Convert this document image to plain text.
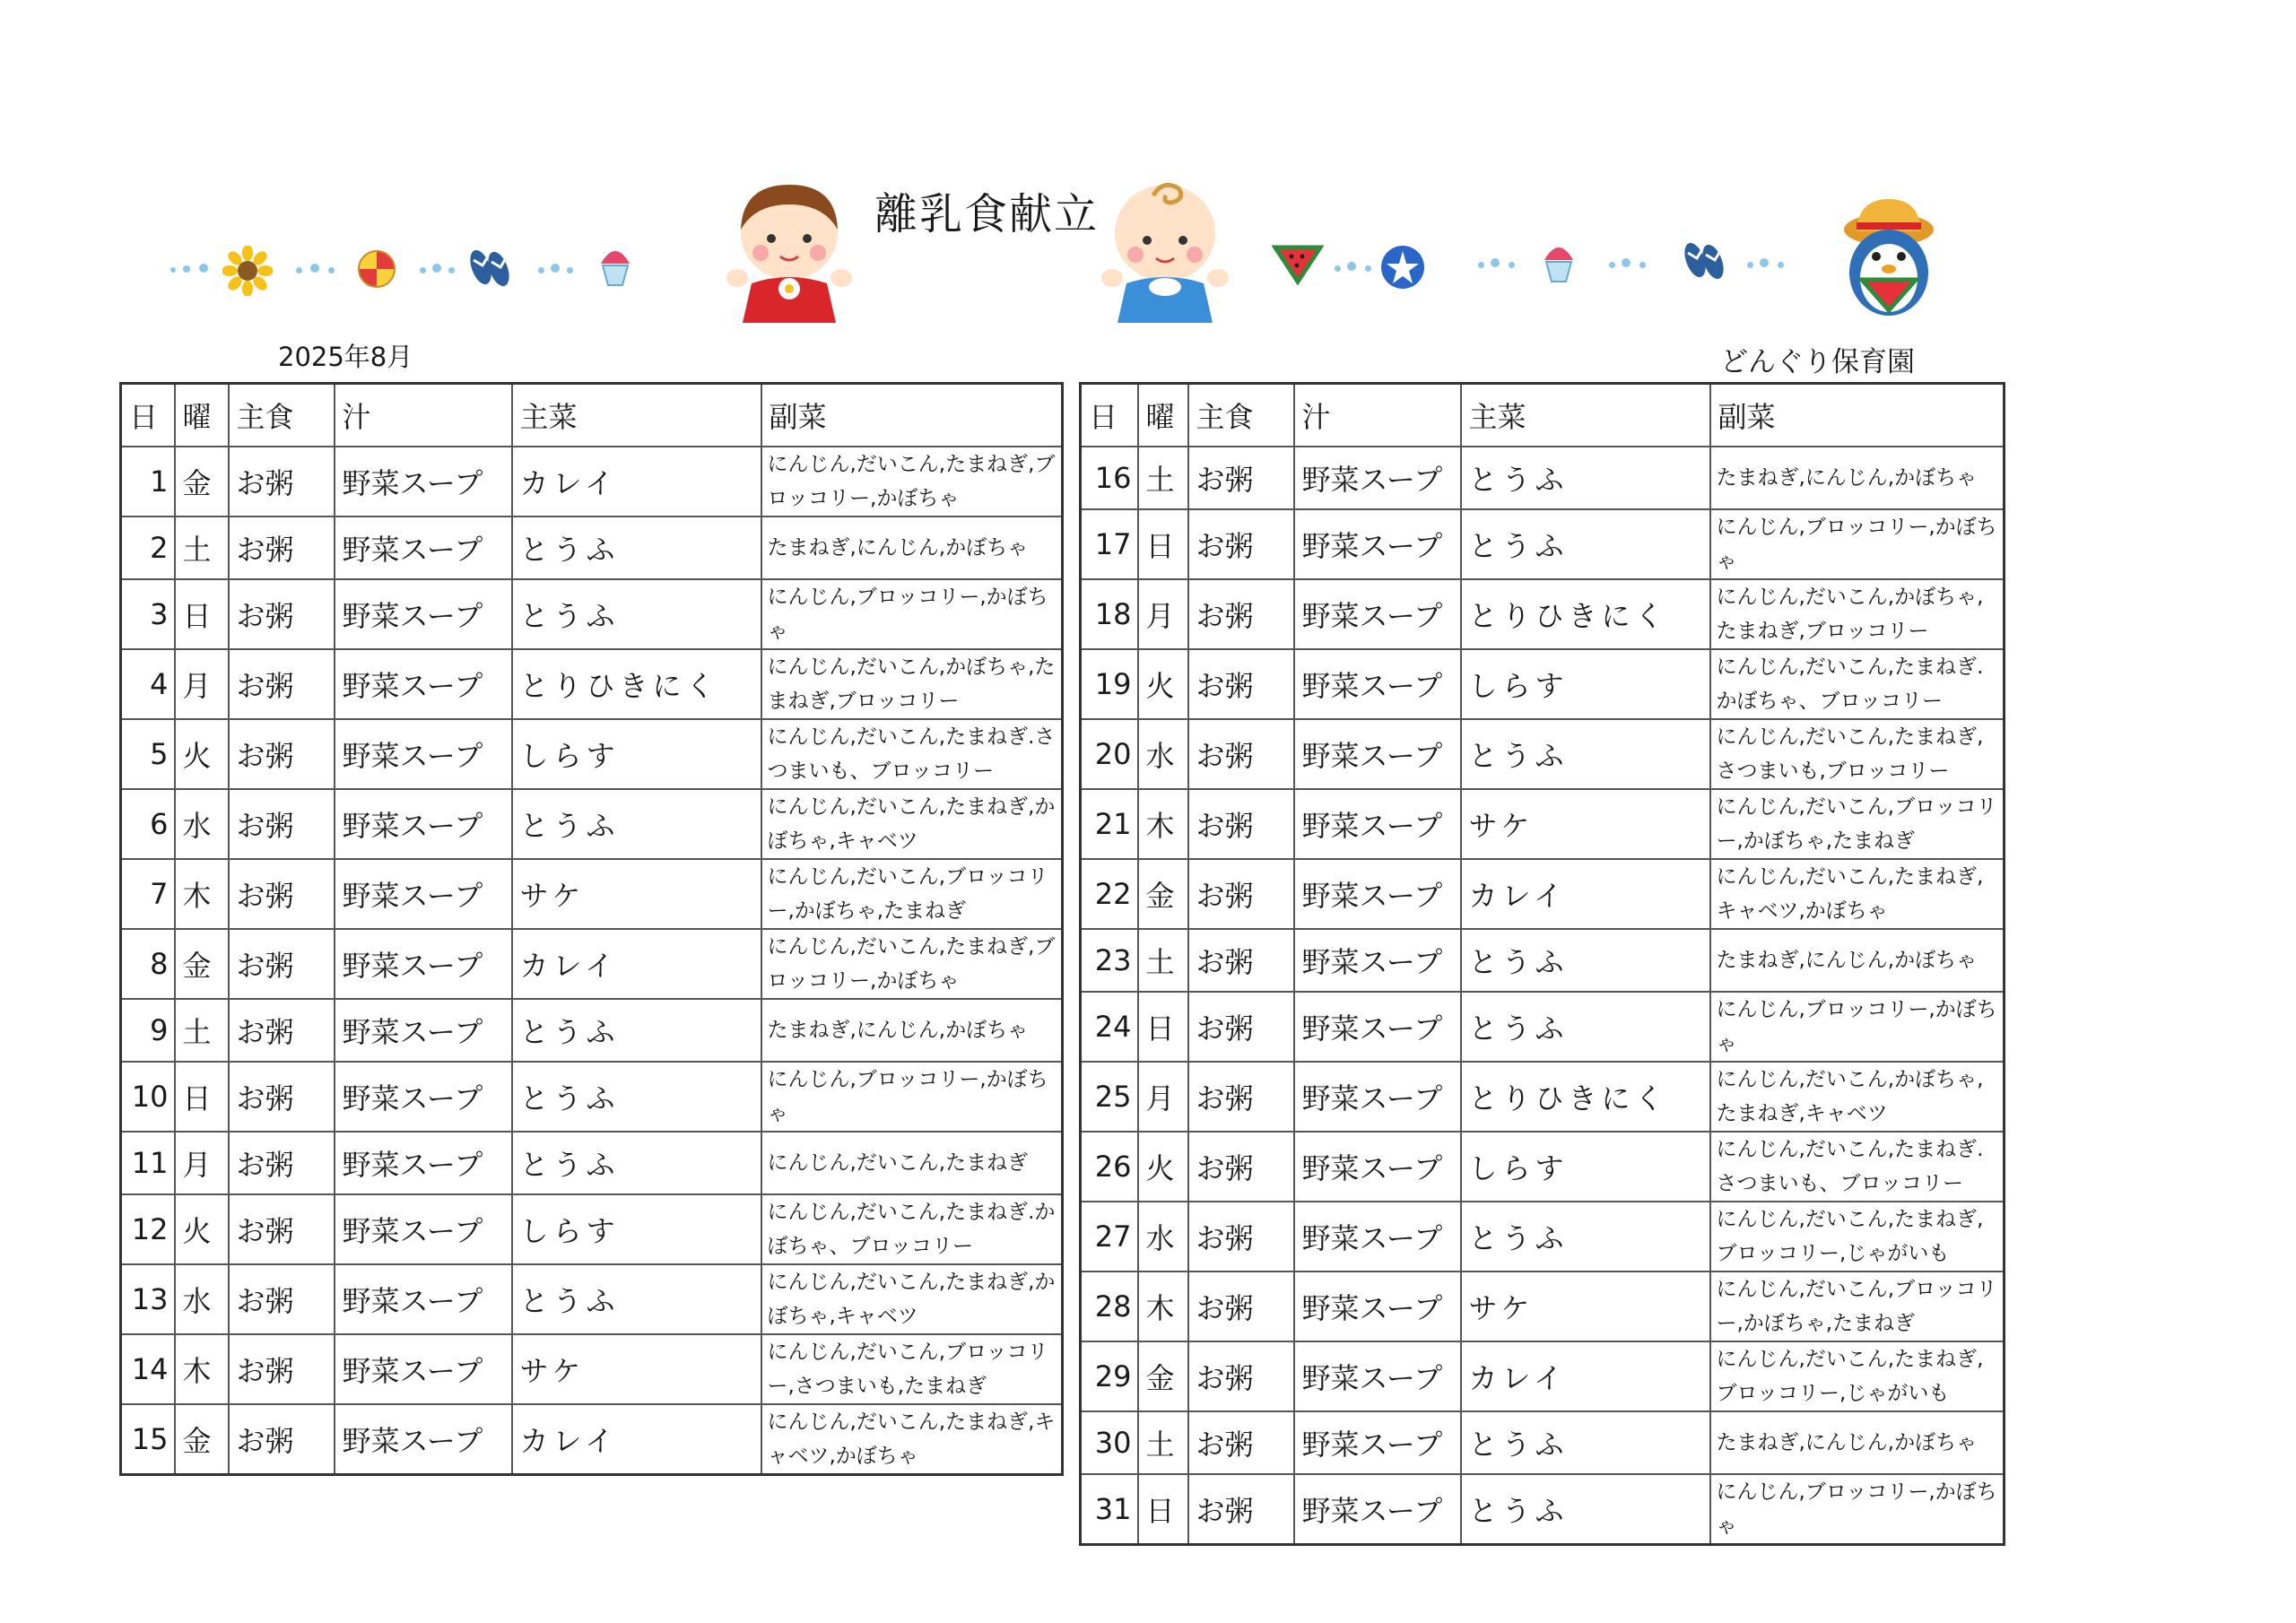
離乳食献立
2025年8月	どんぐり保育園
日	曜	主食	汁	主菜	副菜
1	金	お粥	野菜スープ	カレイ	にんじん,だいこん,たまねぎ,ブロッコリー,かぼちゃ
2	土	お粥	野菜スープ	とうふ	たまねぎ,にんじん,かぼちゃ
3	日	お粥	野菜スープ	とうふ	にんじん,ブロッコリー,かぼちゃ
4	月	お粥	野菜スープ	とりひきにく	にんじん,だいこん,かぼちゃ,たまねぎ,ブロッコリー
5	火	お粥	野菜スープ	しらす	にんじん,だいこん,たまねぎ.さつまいも、ブロッコリー
6	水	お粥	野菜スープ	とうふ	にんじん,だいこん,たまねぎ,かぼちゃ,キャベツ
7	木	お粥	野菜スープ	サケ	にんじん,だいこん,ブロッコリー,かぼちゃ,たまねぎ
8	金	お粥	野菜スープ	カレイ	にんじん,だいこん,たまねぎ,ブロッコリー,かぼちゃ
9	土	お粥	野菜スープ	とうふ	たまねぎ,にんじん,かぼちゃ
10	日	お粥	野菜スープ	とうふ	にんじん,ブロッコリー,かぼちゃ
11	月	お粥	野菜スープ	とうふ	にんじん,だいこん,たまねぎ
12	火	お粥	野菜スープ	しらす	にんじん,だいこん,たまねぎ.かぼちゃ、ブロッコリー
13	水	お粥	野菜スープ	とうふ	にんじん,だいこん,たまねぎ,かぼちゃ,キャベツ
14	木	お粥	野菜スープ	サケ	にんじん,だいこん,ブロッコリー,さつまいも,たまねぎ
15	金	お粥	野菜スープ	カレイ	にんじん,だいこん,たまねぎ,キャベツ,かぼちゃ
日	曜	主食	汁	主菜	副菜
16	土	お粥	野菜スープ	とうふ	たまねぎ,にんじん,かぼちゃ
17	日	お粥	野菜スープ	とうふ	にんじん,ブロッコリー,かぼちゃ
18	月	お粥	野菜スープ	とりひきにく	にんじん,だいこん,かぼちゃ,たまねぎ,ブロッコリー
19	火	お粥	野菜スープ	しらす	にんじん,だいこん,たまねぎ.かぼちゃ、ブロッコリー
20	水	お粥	野菜スープ	とうふ	にんじん,だいこん,たまねぎ,さつまいも,ブロッコリー
21	木	お粥	野菜スープ	サケ	にんじん,だいこん,ブロッコリー,かぼちゃ,たまねぎ
22	金	お粥	野菜スープ	カレイ	にんじん,だいこん,たまねぎ,キャベツ,かぼちゃ
23	土	お粥	野菜スープ	とうふ	たまねぎ,にんじん,かぼちゃ
24	日	お粥	野菜スープ	とうふ	にんじん,ブロッコリー,かぼちゃ
25	月	お粥	野菜スープ	とりひきにく	にんじん,だいこん,かぼちゃ,たまねぎ,キャベツ
26	火	お粥	野菜スープ	しらす	にんじん,だいこん,たまねぎ.さつまいも、ブロッコリー
27	水	お粥	野菜スープ	とうふ	にんじん,だいこん,たまねぎ,ブロッコリー,じゃがいも
28	木	お粥	野菜スープ	サケ	にんじん,だいこん,ブロッコリー,かぼちゃ,たまねぎ
29	金	お粥	野菜スープ	カレイ	にんじん,だいこん,たまねぎ,ブロッコリー,じゃがいも
30	土	お粥	野菜スープ	とうふ	たまねぎ,にんじん,かぼちゃ
31	日	お粥	野菜スープ	とうふ	にんじん,ブロッコリー,かぼちゃ
